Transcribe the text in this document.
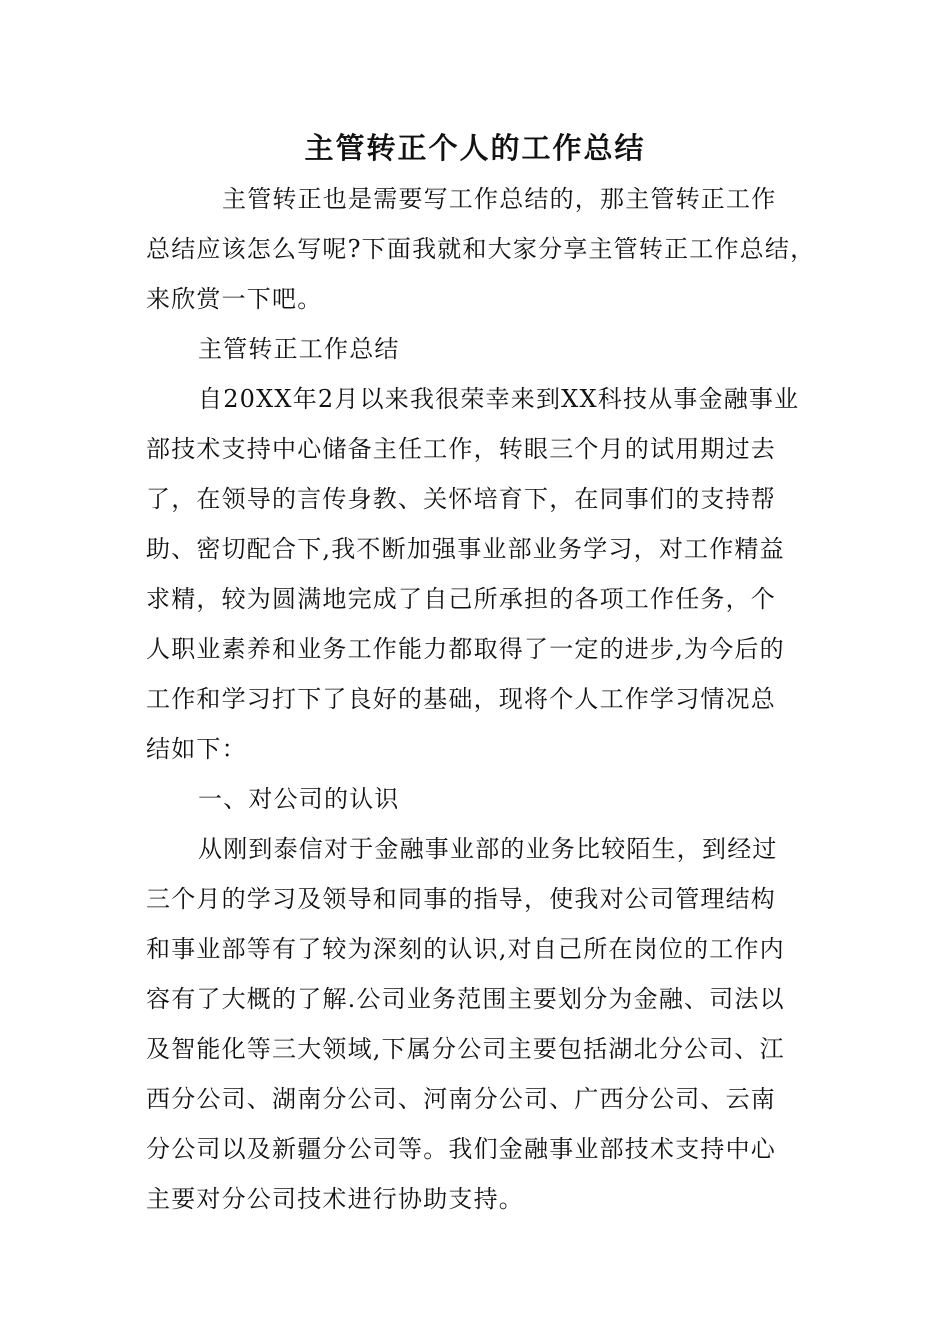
主管转正个人的工作总结
主管转正也是需要写工作总结的，那主管转正工作
总结应该怎么写呢?下面我就和大家分享主管转正工作总结，
来欣赏一下吧。
主管转正工作总结
自20XX年2月以来我很荣幸来到XX科技从事金融事业
部技术支持中心储备主任工作，转眼三个月的试用期过去
了，在领导的言传身教、关怀培育下，在同事们的支持帮
助、密切配合下,我不断加强事业部业务学习，对工作精益
求精，较为圆满地完成了自己所承担的各项工作任务，个
人职业素养和业务工作能力都取得了一定的进步,为今后的
工作和学习打下了良好的基础，现将个人工作学习情况总
结如下：
一、对公司的认识
从刚到泰信对于金融事业部的业务比较陌生，到经过
三个月的学习及领导和同事的指导，使我对公司管理结构
和事业部等有了较为深刻的认识,对自己所在岗位的工作内
容有了大概的了解.公司业务范围主要划分为金融、司法以
及智能化等三大领域,下属分公司主要包括湖北分公司、江
西分公司、湖南分公司、河南分公司、广西分公司、云南
分公司以及新疆分公司等。我们金融事业部技术支持中心
主要对分公司技术进行协助支持。
